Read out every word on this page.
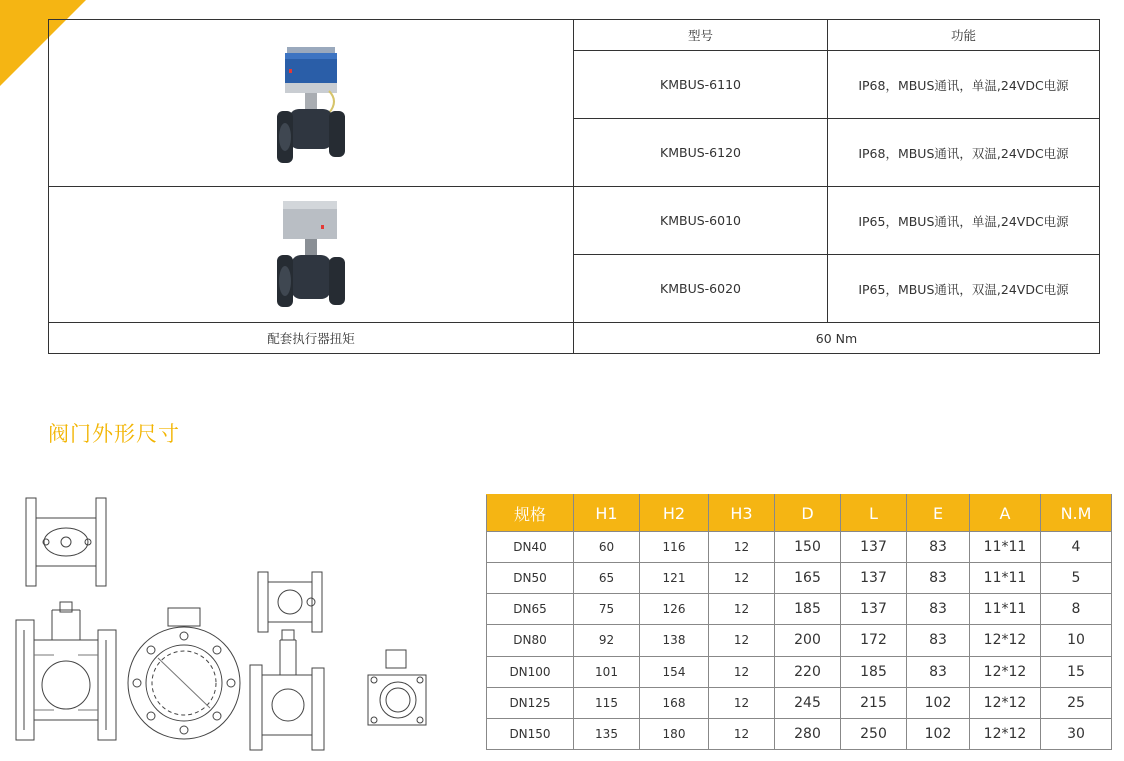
	型号	功能
	KMBUS-6110	IP68，MBUS通讯，单温,24VDC电源
	KMBUS-6120	IP68，MBUS通讯，双温,24VDC电源

	KMBUS-6010	IP65，MBUS通讯，单温,24VDC电源
	KMBUS-6020	IP65，MBUS通讯，双温,24VDC电源
配套执行器扭矩	60 Nm	
阀门外形尺寸
规格	H1	H2	H3	D	L	E	A	N.M
DN40	60	116	12	150	137	83	11*11	4
DN50	65	121	12	165	137	83	11*11	5
DN65	75	126	12	185	137	83	11*11	8
DN80	92	138	12	200	172	83	12*12	10
DN100	101	154	12	220	185	83	12*12	15
DN125	115	168	12	245	215	102	12*12	25
DN150	135	180	12	280	250	102	12*12	30
